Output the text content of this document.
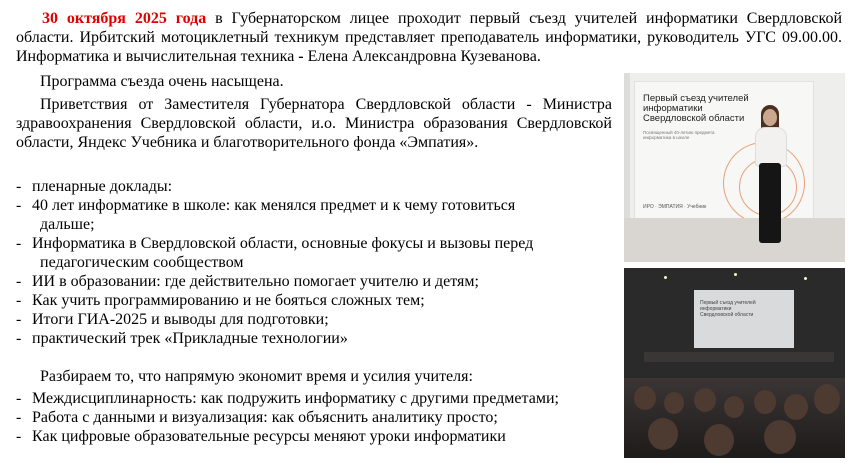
30 октября 2025 года в Губернаторском лицее проходит первый съезд учителей информатики Свердловской области. Ирбитский мотоциклетный техникум представляет преподаватель информатики, руководитель УГС 09.00.00. Информатика и вычислительная техника - Елена Александровна Кузеванова.

Программа съезда очень насыщена.

Приветствия от Заместителя Губернатора Свердловской области - Министра здравоохранения Свердловской области, и.о. Министра образования Свердловской области, Яндекс Учебника и благотворительного фонда «Эмпатия».

- пленарные доклады:
- 40 лет информатике в школе: как менялся предмет и к чему готовиться
дальше;
- Информатика в Свердловской области, основные фокусы и вызовы перед
педагогическим сообществом
- ИИ в образовании: где действительно помогает учителю и детям;
- Как учить программированию и не бояться сложных тем;
- Итоги ГИА-2025 и выводы для подготовки;
- практический трек «Прикладные технологии»

Разбираем то, что напрямую экономит время и усилия учителя:

- Междисциплинарность: как подружить информатику с другими предметами;
- Работа с данными и визуализация: как объяснить аналитику просто;
- Как цифровые образовательные ресурсы меняют уроки информатики
Первый съезд учителей информатики Свердловской области
Посвященный 40-летию предмета информатика в школе
ИРО · ЭМПАТИЯ · Учебник
Первый съезд учителей информатики Свердловской области
